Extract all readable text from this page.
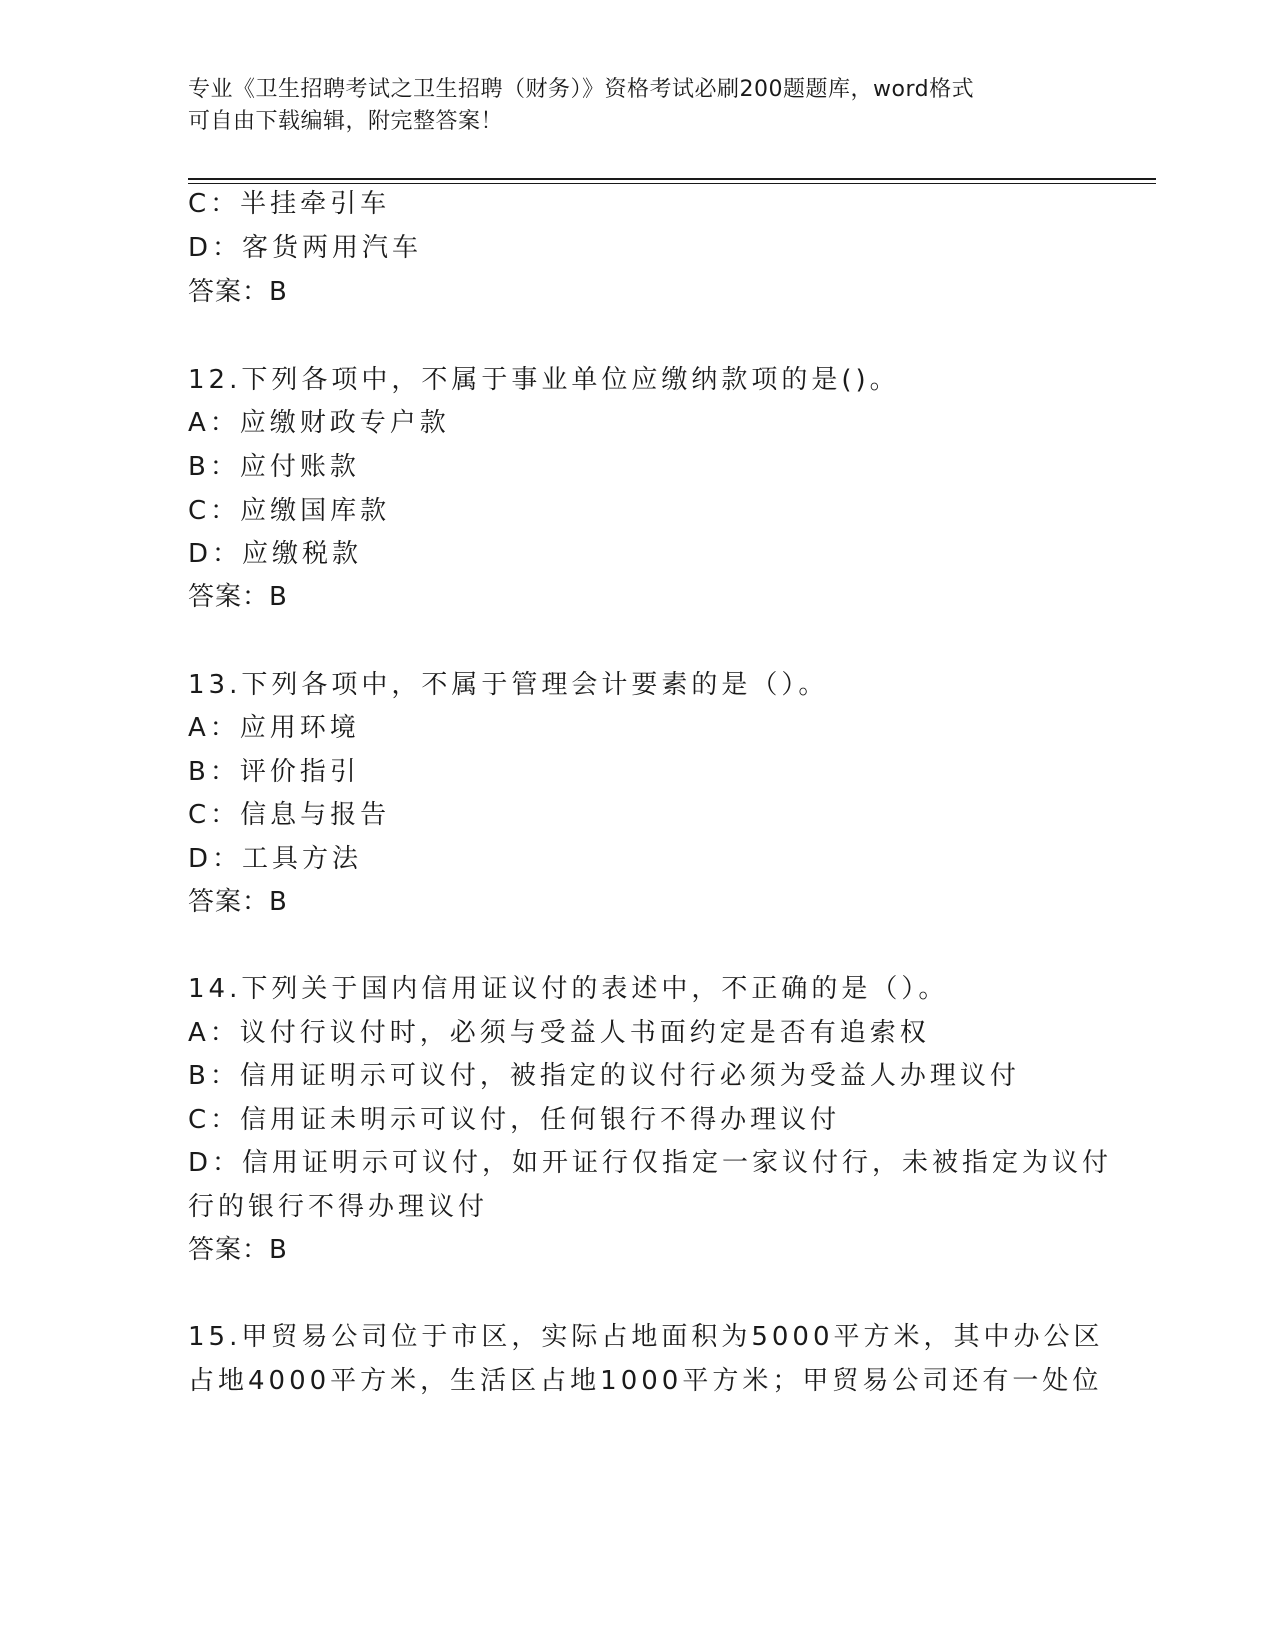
专业《卫生招聘考试之卫生招聘（财务）》资格考试必刷200题题库，word格式
可自由下载编辑，附完整答案！
C：半挂牵引车
D：客货两用汽车
答案：B
12.下列各项中，不属于事业单位应缴纳款项的是()。
A：应缴财政专户款
B：应付账款
C：应缴国库款
D：应缴税款
答案：B
13.下列各项中，不属于管理会计要素的是（）。
A：应用环境
B：评价指引
C：信息与报告
D：工具方法
答案：B
14.下列关于国内信用证议付的表述中，不正确的是（）。
A：议付行议付时，必须与受益人书面约定是否有追索权
B：信用证明示可议付，被指定的议付行必须为受益人办理议付
C：信用证未明示可议付，任何银行不得办理议付
D：信用证明示可议付，如开证行仅指定一家议付行，未被指定为议付
行的银行不得办理议付
答案：B
15.甲贸易公司位于市区，实际占地面积为5000平方米，其中办公区
占地4000平方米，生活区占地1000平方米；甲贸易公司还有一处位
